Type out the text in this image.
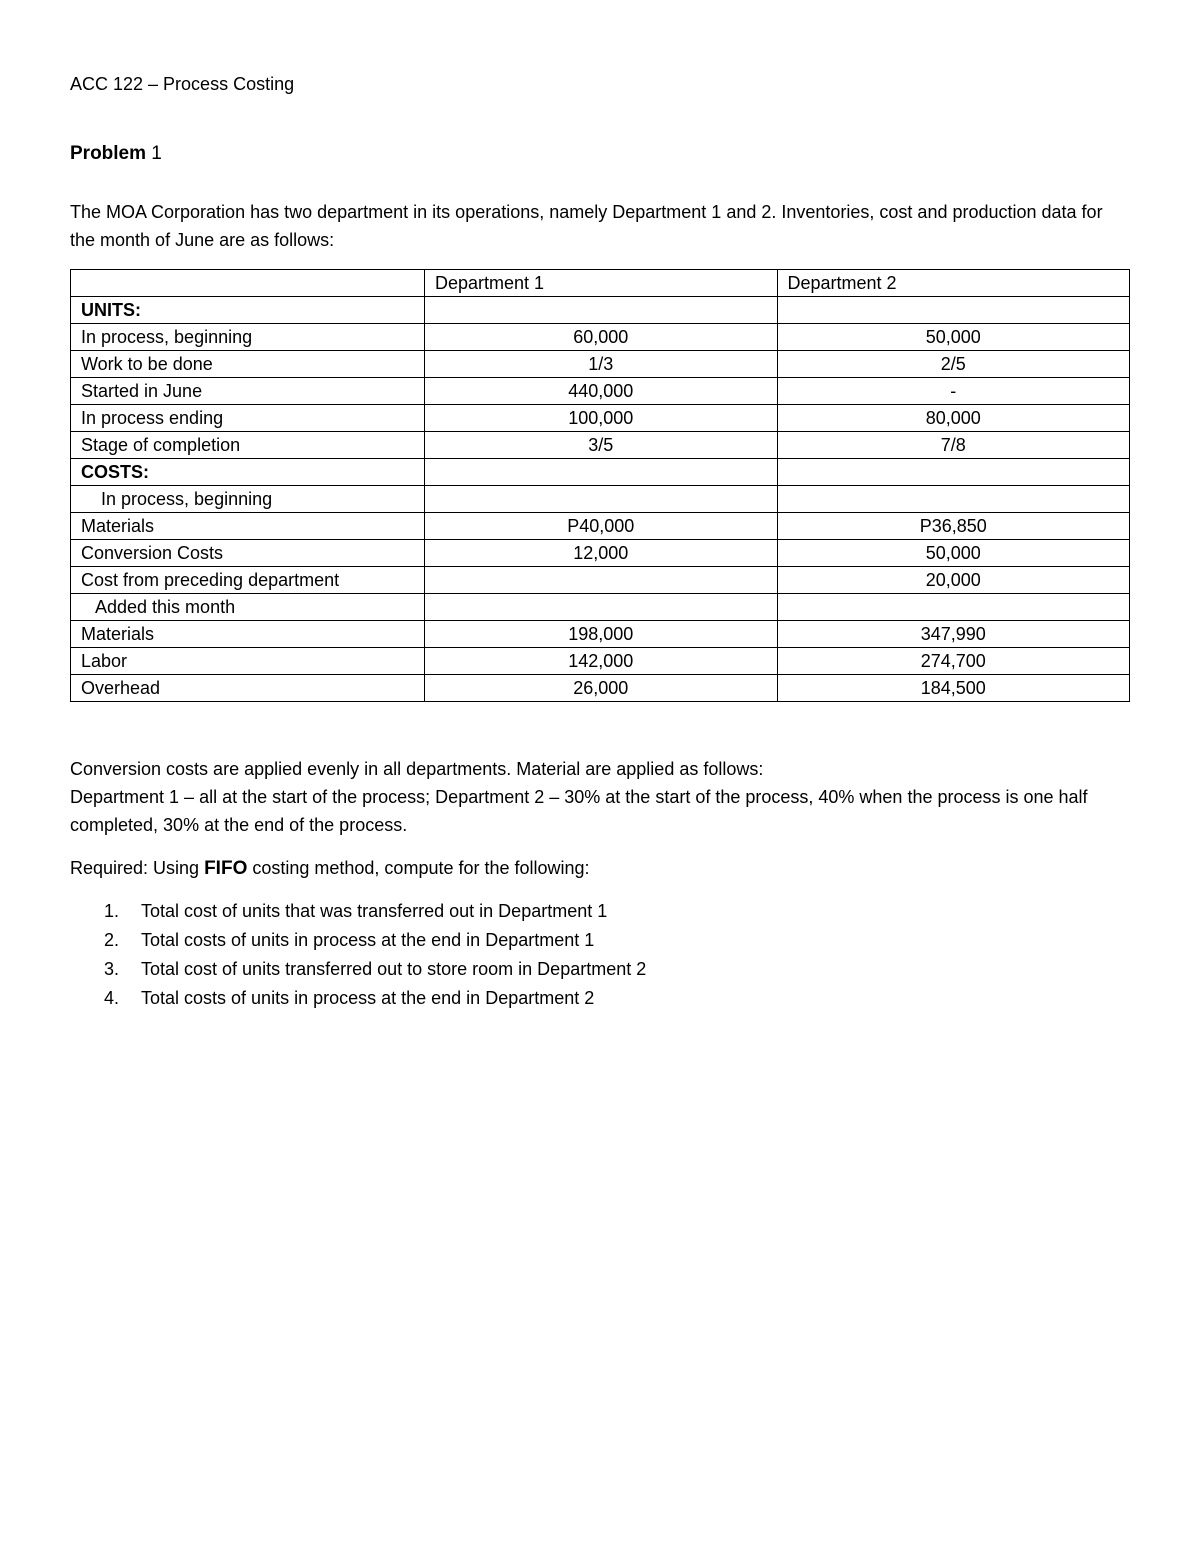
ACC 122 – Process Costing
Problem 1
The MOA Corporation has two department in its operations, namely Department 1 and 2. Inventories, cost and production data for the month of June are as follows:
	Department 1	Department 2
UNITS:		
In process, beginning	60,000	50,000
Work to be done	1/3	2/5
Started in June	440,000	-
In process ending	100,000	80,000
Stage of completion	3/5	7/8
COSTS:		
In process, beginning		
Materials	P40,000	P36,850
Conversion Costs	12,000	50,000
Cost from preceding department		20,000
Added this month		
Materials	198,000	347,990
Labor	142,000	274,700
Overhead	26,000	184,500
Conversion costs are applied evenly in all departments. Material are applied as follows:
Department 1 – all at the start of the process; Department 2 – 30% at the start of the process, 40% when the process is one half completed, 30% at the end of the process.
Required: Using FIFO costing method, compute for the following:
1. Total cost of units that was transferred out in Department 1
2. Total costs of units in process at the end in Department 1
3. Total cost of units transferred out to store room in Department 2
4. Total costs of units in process at the end in Department 2
